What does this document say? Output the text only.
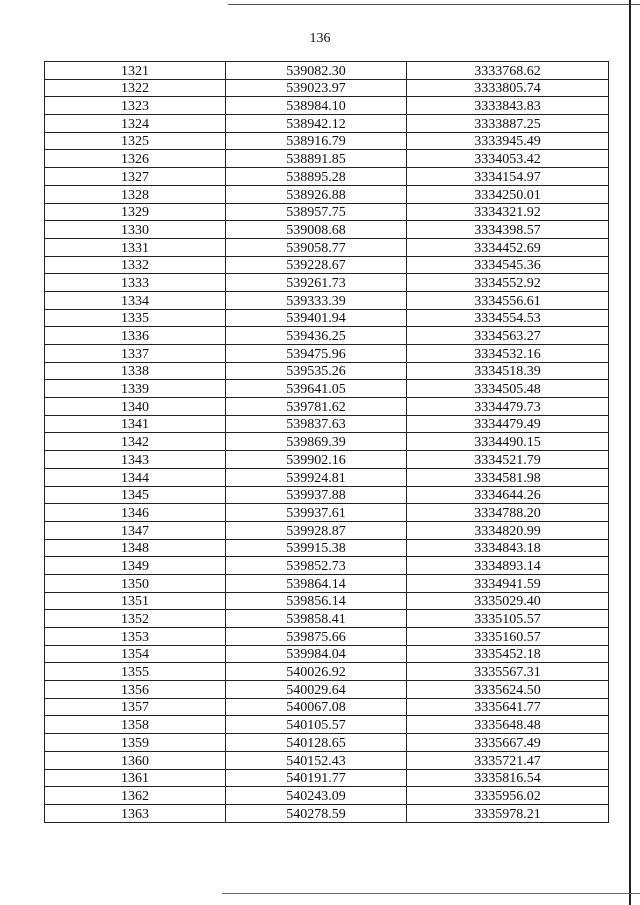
136
1321	539082.30	3333768.62
1322	539023.97	3333805.74
1323	538984.10	3333843.83
1324	538942.12	3333887.25
1325	538916.79	3333945.49
1326	538891.85	3334053.42
1327	538895.28	3334154.97
1328	538926.88	3334250.01
1329	538957.75	3334321.92
1330	539008.68	3334398.57
1331	539058.77	3334452.69
1332	539228.67	3334545.36
1333	539261.73	3334552.92
1334	539333.39	3334556.61
1335	539401.94	3334554.53
1336	539436.25	3334563.27
1337	539475.96	3334532.16
1338	539535.26	3334518.39
1339	539641.05	3334505.48
1340	539781.62	3334479.73
1341	539837.63	3334479.49
1342	539869.39	3334490.15
1343	539902.16	3334521.79
1344	539924.81	3334581.98
1345	539937.88	3334644.26
1346	539937.61	3334788.20
1347	539928.87	3334820.99
1348	539915.38	3334843.18
1349	539852.73	3334893.14
1350	539864.14	3334941.59
1351	539856.14	3335029.40
1352	539858.41	3335105.57
1353	539875.66	3335160.57
1354	539984.04	3335452.18
1355	540026.92	3335567.31
1356	540029.64	3335624.50
1357	540067.08	3335641.77
1358	540105.57	3335648.48
1359	540128.65	3335667.49
1360	540152.43	3335721.47
1361	540191.77	3335816.54
1362	540243.09	3335956.02
1363	540278.59	3335978.21
